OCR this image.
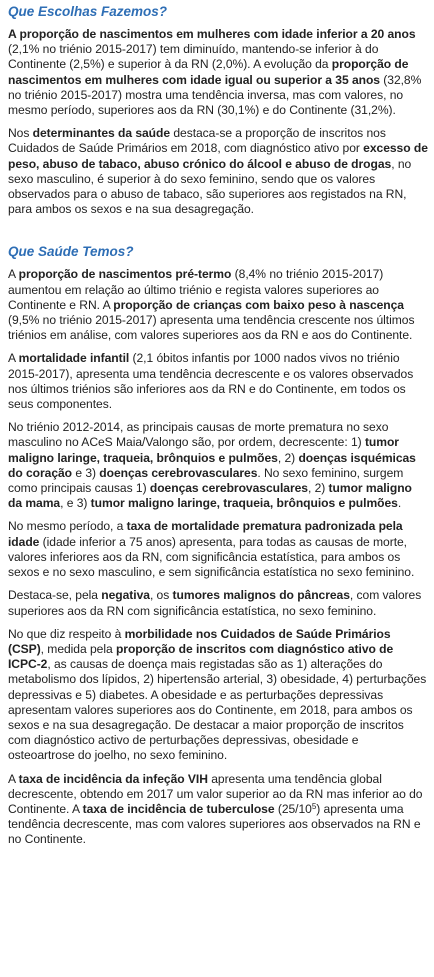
Que Escolhas Fazemos?

A proporção de nascimentos em mulheres com idade inferior a 20 anos (2,1% no triénio 2015-2017) tem diminuído, mantendo-se inferior à do Continente (2,5%) e superior à da RN (2,0%). A evolução da proporção de nascimentos em mulheres com idade igual ou superior a 35 anos (32,8% no triénio 2015-2017) mostra uma tendência inversa, mas com valores, no mesmo período, superiores aos da RN (30,1%) e do Continente (31,2%).

Nos determinantes da saúde destaca-se a proporção de inscritos nos Cuidados de Saúde Primários em 2018, com diagnóstico ativo por excesso de peso, abuso de tabaco, abuso crónico do álcool e abuso de drogas, no sexo masculino, é superior à do sexo feminino, sendo que os valores observados para o abuso de tabaco, são superiores aos registados na RN, para ambos os sexos e na sua desagregação.

Que Saúde Temos?

A proporção de nascimentos pré-termo (8,4% no triénio 2015-2017) aumentou em relação ao último triénio e regista valores superiores ao Continente e RN. A proporção de crianças com baixo peso à nascença (9,5% no triénio 2015-2017) apresenta uma tendência crescente nos últimos triénios em análise, com valores superiores aos da RN e aos do Continente.

A mortalidade infantil (2,1 óbitos infantis por 1000 nados vivos no triénio 2015-2017), apresenta uma tendência decrescente e os valores observados nos últimos triénios são inferiores aos da RN e do Continente, em todos os seus componentes.

No triénio 2012-2014, as principais causas de morte prematura no sexo masculino no ACeS Maia/Valongo são, por ordem, decrescente: 1) tumor maligno laringe, traqueia, brônquios e pulmões, 2) doenças isquémicas do coração e 3) doenças cerebrovasculares. No sexo feminino, surgem como principais causas 1) doenças cerebrovasculares, 2) tumor maligno da mama, e 3) tumor maligno laringe, traqueia, brônquios e pulmões.

No mesmo período, a taxa de mortalidade prematura padronizada pela idade (idade inferior a 75 anos) apresenta, para todas as causas de morte, valores inferiores aos da RN, com significância estatística, para ambos os sexos e no sexo masculino, e sem significância estatística no sexo feminino.

Destaca-se, pela negativa, os tumores malignos do pâncreas, com valores superiores aos da RN com significância estatística, no sexo feminino.

No que diz respeito à morbilidade nos Cuidados de Saúde Primários (CSP), medida pela proporção de inscritos com diagnóstico ativo de ICPC-2, as causas de doença mais registadas são as 1) alterações do metabolismo dos lípidos, 2) hipertensão arterial, 3) obesidade, 4) perturbações depressivas e 5) diabetes. A obesidade e as perturbações depressivas apresentam valores superiores aos do Continente, em 2018, para ambos os sexos e na sua desagregação. De destacar a maior proporção de inscritos com diagnóstico activo de perturbações depressivas, obesidade e osteoartrose do joelho, no sexo feminino.

A taxa de incidência da infeção VIH apresenta uma tendência global decrescente, obtendo em 2017 um valor superior ao da RN mas inferior ao do Continente. A taxa de incidência de tuberculose $(25/10^5)$ apresenta uma tendência decrescente, mas com valores superiores aos observados na RN e no Continente.
